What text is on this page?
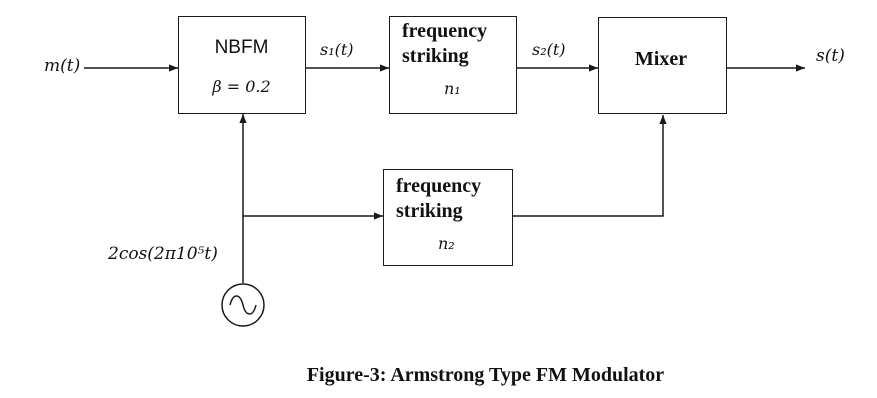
m(t)
NBFM
β = 0.2
s₁(t)
frequency
striking
n₁
s₂(t)	Mixer	s(t)
frequency
striking
n₂
2cos(2π10⁵t)
Figure-3: Armstrong Type FM Modulator
